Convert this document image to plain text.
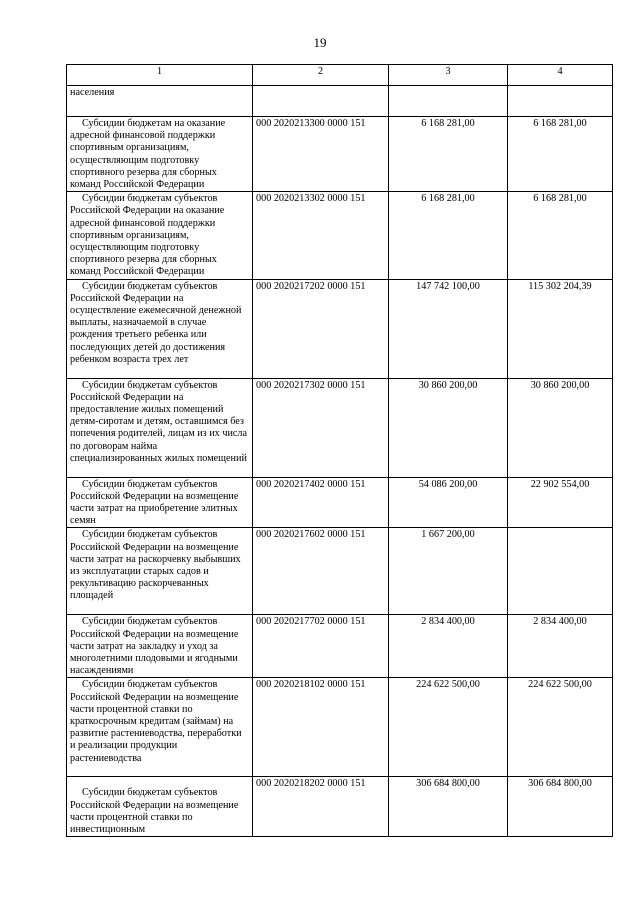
19
1	2	3	4
населения			
Субсидии бюджетам на оказание адресной финансовой поддержки спортивным организациям, осуществляющим подготовку спортивного резерва для сборных команд Российской Федерации	000 2020213300 0000 151	6 168 281,00	6 168 281,00
Субсидии бюджетам субъектов Российской Федерации на оказание адресной финансовой поддержки спортивным организациям, осуществляющим подготовку спортивного резерва для сборных команд Российской Федерации	000 2020213302 0000 151	6 168 281,00	6 168 281,00
Субсидии бюджетам субъектов Российской Федерации на осуществление ежемесячной денежной выплаты, назначаемой в случае рождения третьего ребенка или последующих детей до достижения ребенком возраста трех лет	000 2020217202 0000 151	147 742 100,00	115 302 204,39
Субсидии бюджетам субъектов Российской Федерации на предоставление жилых помещений детям-сиротам и детям, оставшимся без попечения родителей, лицам из их числа по договорам найма специализированных жилых помещений	000 2020217302 0000 151	30 860 200,00	30 860 200,00
Субсидии бюджетам субъектов Российской Федерации на возмещение части затрат на приобретение элитных семян	000 2020217402 0000 151	54 086 200,00	22 902 554,00
Субсидии бюджетам субъектов Российской Федерации на возмещение части затрат на раскорчевку выбывших из эксплуатации старых садов и рекультивацию раскорчеванных площадей	000 2020217602 0000 151	1 667 200,00	
Субсидии бюджетам субъектов Российской Федерации на возмещение части затрат на закладку и уход за многолетними плодовыми и ягодными насаждениями	000 2020217702 0000 151	2 834 400,00	2 834 400,00
Субсидии бюджетам субъектов Российской Федерации на возмещение части процентной ставки по краткосрочным кредитам (займам) на развитие растениеводства, переработки и реализации продукции растениеводства	000 2020218102 0000 151	224 622 500,00	224 622 500,00
Субсидии бюджетам субъектов Российской Федерации на возмещение части процентной ставки по инвестиционным	000 2020218202 0000 151	306 684 800,00	306 684 800,00
